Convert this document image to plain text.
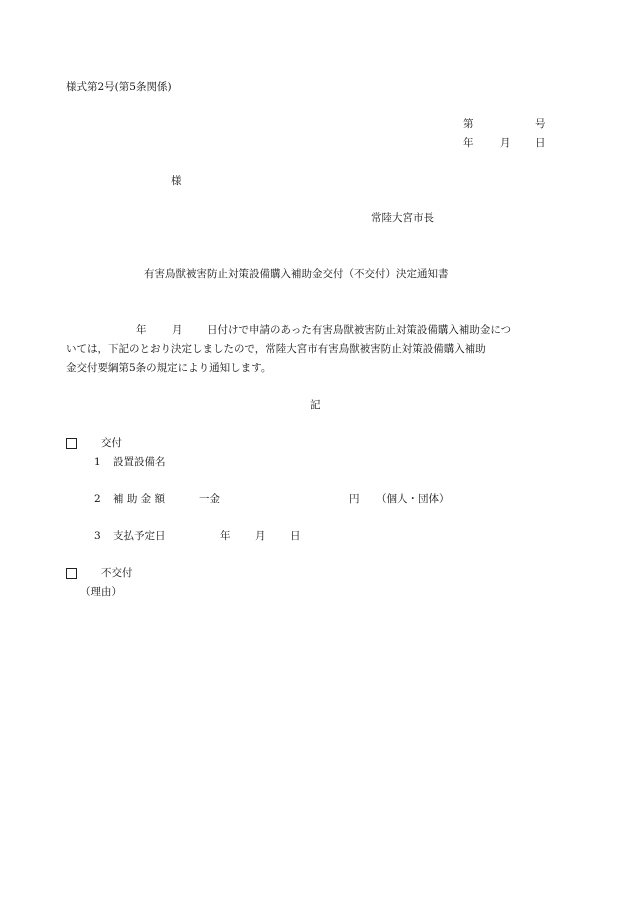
様式第2号(第5条関係)
第	号
年	月 日
様
常陸大宮市長
有害鳥獣被害防止対策設備購入補助金交付（不交付）決定通知書
年 月 日付けで申請のあった有害鳥獣被害防止対策設備購入補助金につ
いては，下記のとおり決定しましたので，常陸大宮市有害鳥獣被害防止対策設備購入補助
金交付要綱第5条の規定により通知します。
記
交付
1 設置設備名
2 補 助 金 額	一金	円 （個人・団体）
3 支払予定日	年 月 日
不交付
（理由）
